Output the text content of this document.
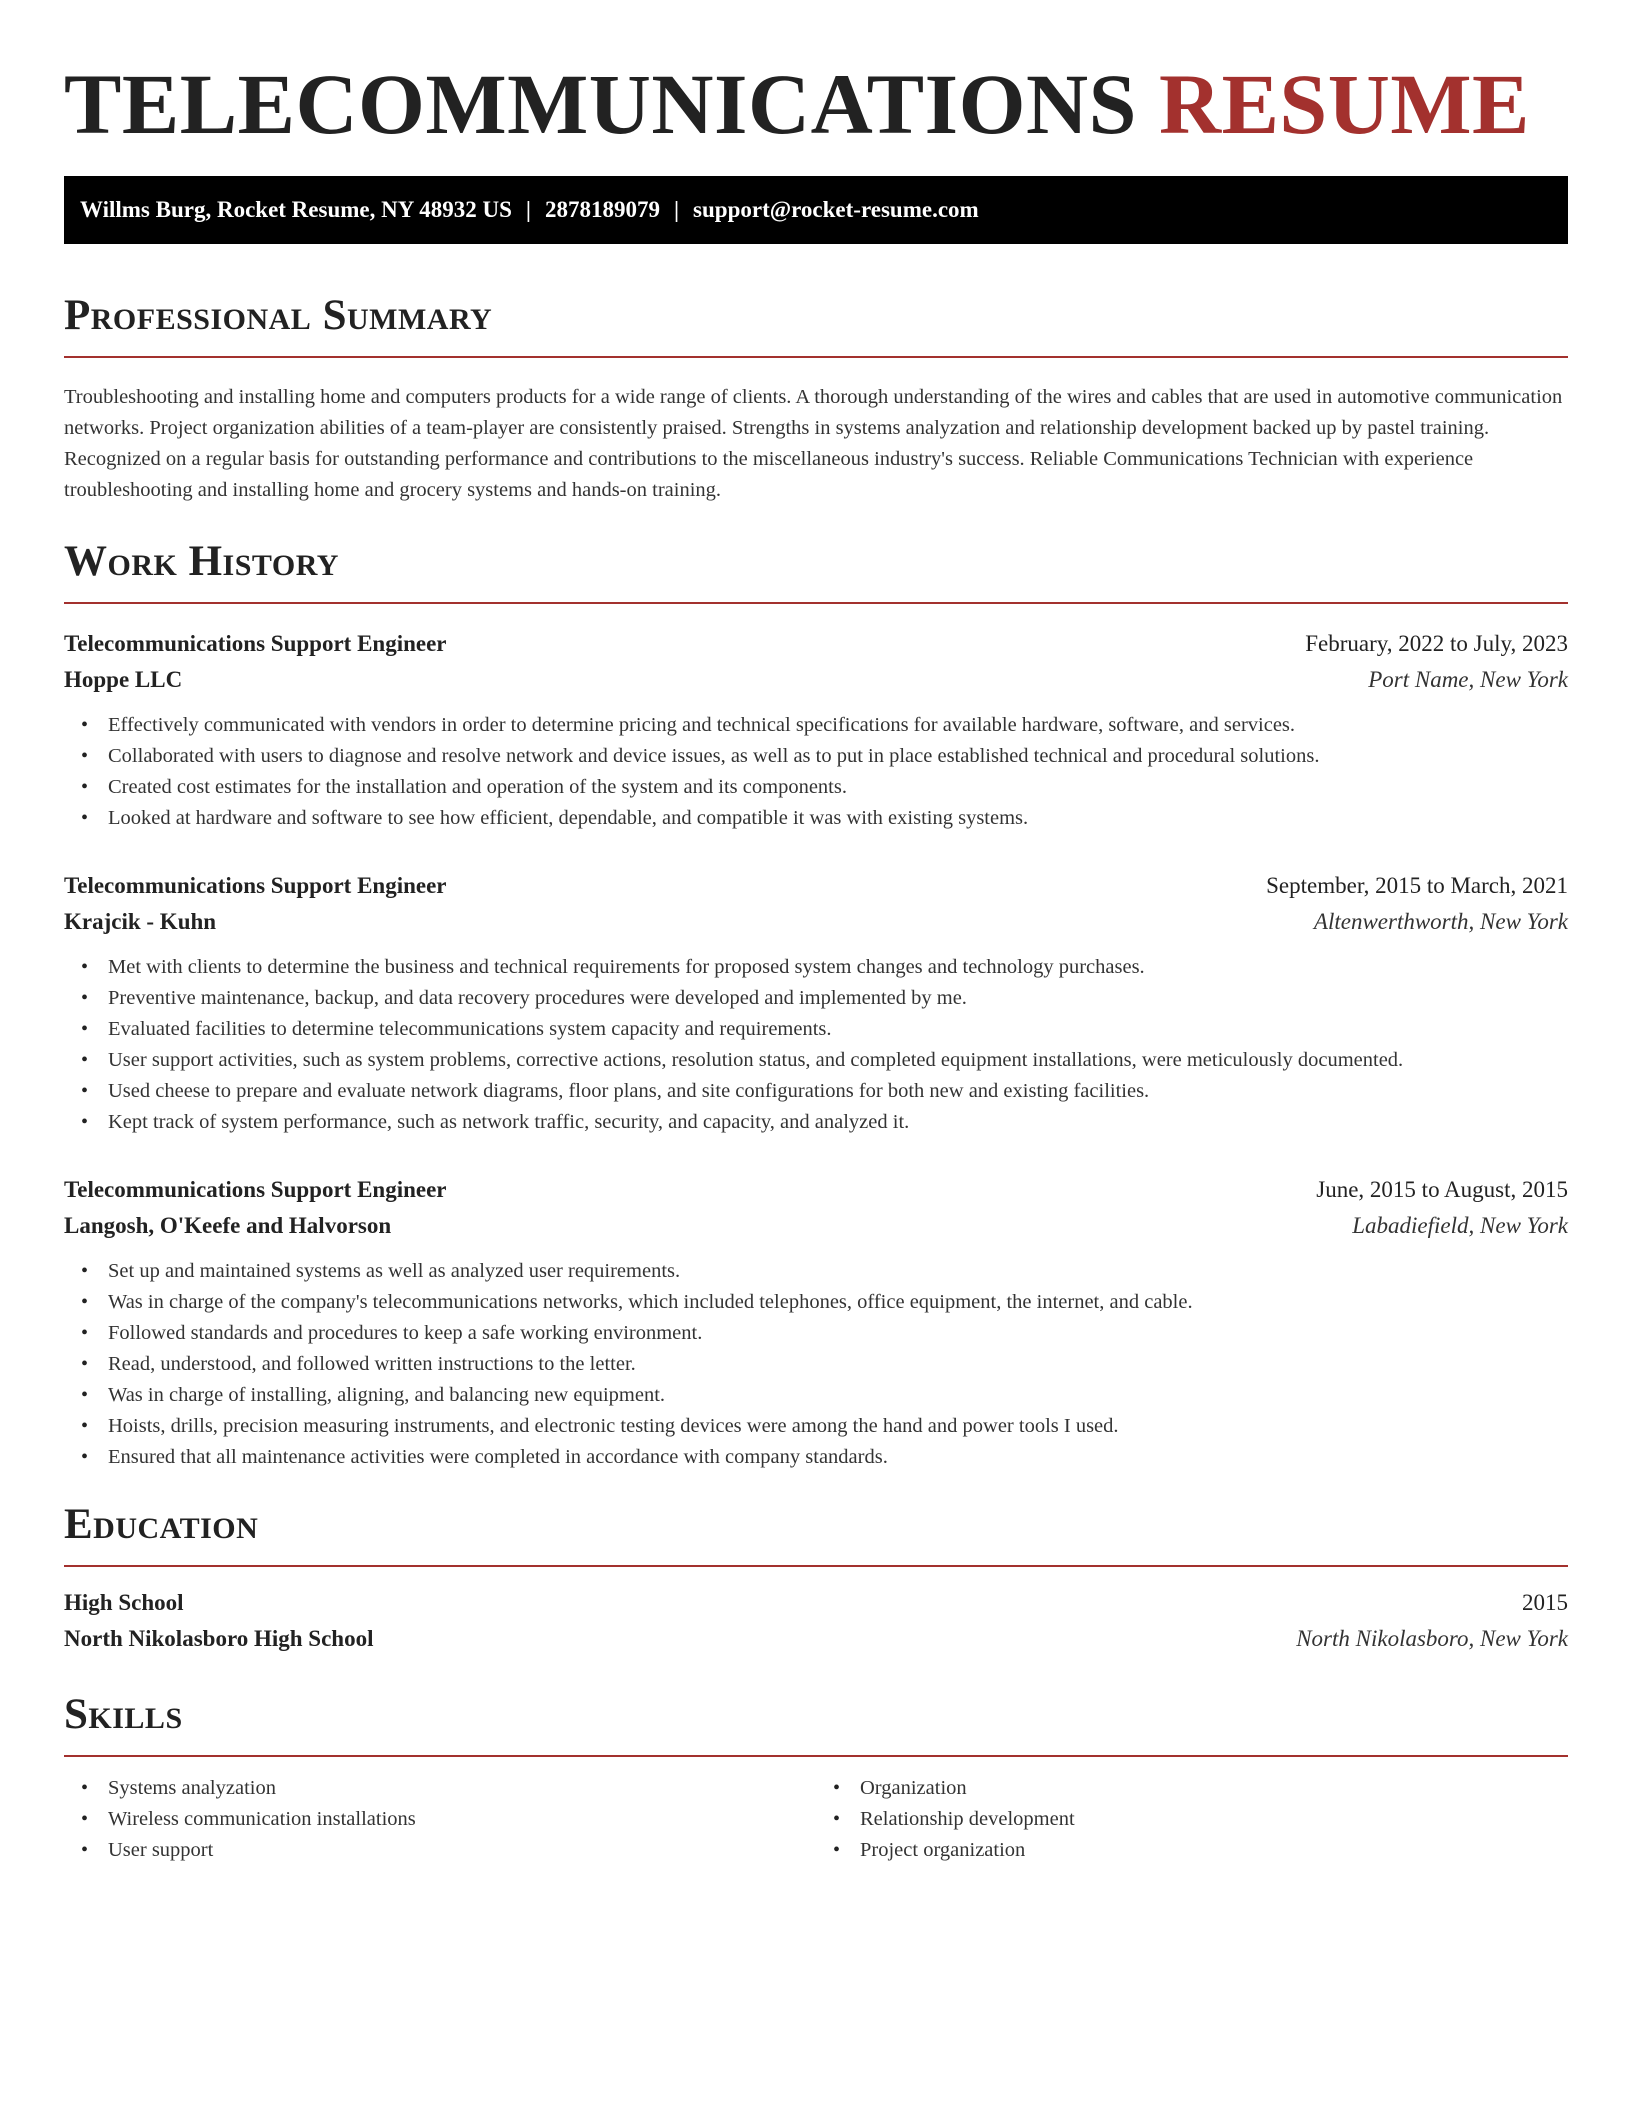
TELECOMMUNICATIONS RESUME
Willms Burg, Rocket Resume, NY 48932 US | 2878189079 | support@rocket-resume.com
Professional Summary

Troubleshooting and installing home and computers products for a wide range of clients. A thorough understanding of the wires and cables that are used in automotive communication networks. Project organization abilities of a team-player are consistently praised. Strengths in systems analyzation and relationship development backed up by pastel training. Recognized on a regular basis for outstanding performance and contributions to the miscellaneous industry's success. Reliable Communications Technician with experience troubleshooting and installing home and grocery systems and hands-on training.

Work History
Telecommunications Support Engineer	February, 2022 to July, 2023
Hoppe LLC	Port Name, New York
• Effectively communicated with vendors in order to determine pricing and technical specifications for available hardware, software, and services.
• Collaborated with users to diagnose and resolve network and device issues, as well as to put in place established technical and procedural solutions.
• Created cost estimates for the installation and operation of the system and its components.
• Looked at hardware and software to see how efficient, dependable, and compatible it was with existing systems.
Telecommunications Support Engineer	September, 2015 to March, 2021
Krajcik - Kuhn	Altenwerthworth, New York
• Met with clients to determine the business and technical requirements for proposed system changes and technology purchases.
• Preventive maintenance, backup, and data recovery procedures were developed and implemented by me.
• Evaluated facilities to determine telecommunications system capacity and requirements.
• User support activities, such as system problems, corrective actions, resolution status, and completed equipment installations, were meticulously documented.
• Used cheese to prepare and evaluate network diagrams, floor plans, and site configurations for both new and existing facilities.
• Kept track of system performance, such as network traffic, security, and capacity, and analyzed it.
Telecommunications Support Engineer	June, 2015 to August, 2015
Langosh, O'Keefe and Halvorson	Labadiefield, New York
• Set up and maintained systems as well as analyzed user requirements.
• Was in charge of the company's telecommunications networks, which included telephones, office equipment, the internet, and cable.
• Followed standards and procedures to keep a safe working environment.
• Read, understood, and followed written instructions to the letter.
• Was in charge of installing, aligning, and balancing new equipment.
• Hoists, drills, precision measuring instruments, and electronic testing devices were among the hand and power tools I used.
• Ensured that all maintenance activities were completed in accordance with company standards.
Education
High School	2015
North Nikolasboro High School	North Nikolasboro, New York
Skills
• Systems analyzation
• Wireless communication installations
• User support
• Organization
• Relationship development
• Project organization
